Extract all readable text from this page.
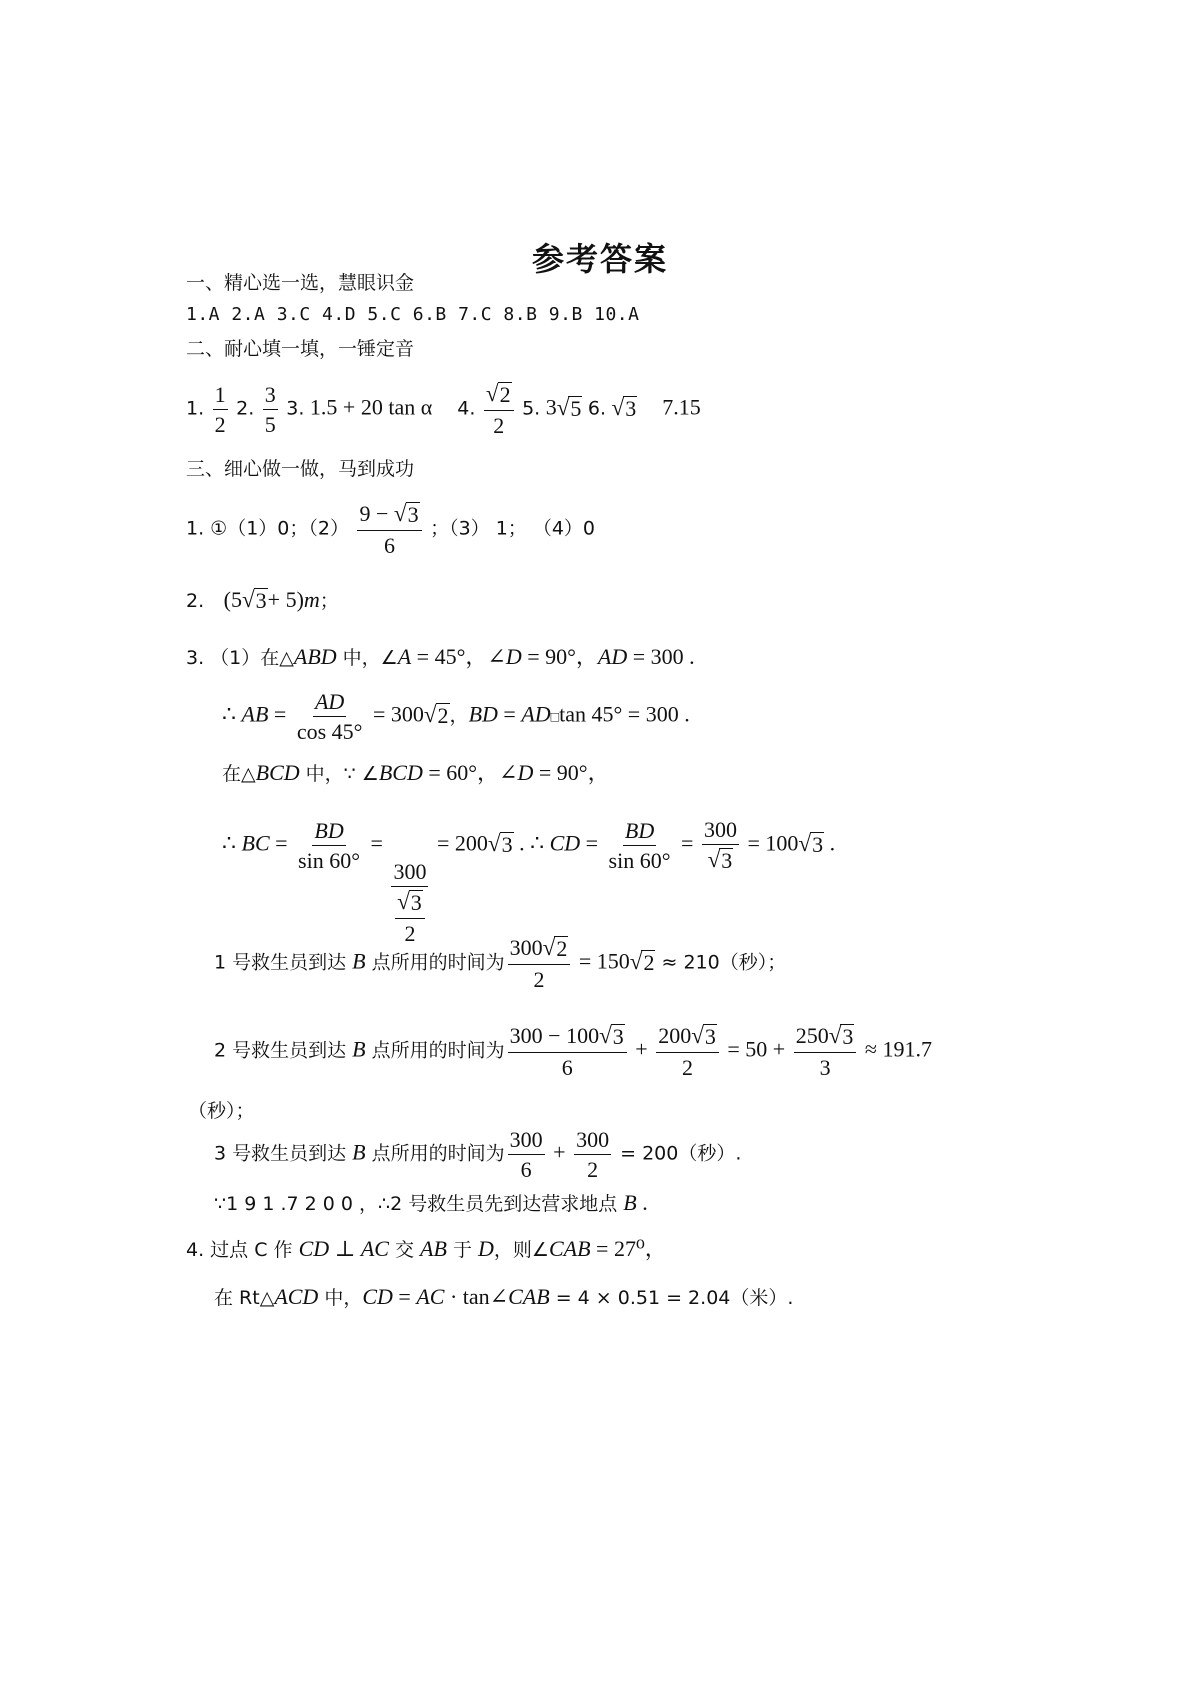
参考答案
一、精心选一选，慧眼识金
1.A 2.A 3.C 4.D 5.C 6.B 7.C 8.B 9.B 10.A
二、耐心填一填，一锤定音
1. $\frac{1}{2} 2$. $\frac{3}{5} 3$. 1.5 + 20 tan α 4. $\frac{√ 2}{2} 5$. 3 √ 5 6. √ 3 7.15
三、细心做一做，马到成功
1. ①（1）0；$(2) \frac{9 - √ 3}{6}$ ；（3） 1； （4）0
2. (5 √ 3 + 5)m；
3. （1）在△ABD 中，∠A = 45°，∠D = 90°，AD = 300 .
∴ AB = $\frac{AD}{\cos 45^\circ} = 300$ √ 2 ，BD = AD□tan 45° = 300 .
在△BCD 中，∵ ∠BCD = 60°，∠D = 90°，
∴ BC = $\frac{BD}{\sin 60^\circ}$ =
$\frac{300}{\frac{√ 3}{2}}$
= 200 √ 3 . ∴ CD = $\frac{BD}{\sin 60^\circ} = \frac{300}{√ 3} = 100$ √ 3 .
1 号救生员到达 B 点所用的时间为 $\frac{300 √ 2}{2} = 150$ √ 2 ≈ 210（秒）；
2 号救生员到达 B 点所用的时间为 $\frac{300 - 100 √ 3}{6} + \frac{200 √ 3}{2} = 50 + \frac{250 √ 3}{3} \approx 191.7$
（秒）；
3 号救生员到达 B 点所用的时间为 $\frac{300}{6} + \frac{300}{2} = 200$（秒）.
∵1 9 1 .7 2 0 0 ，∴2 号救生员先到达营求地点 B .
4. 过点 C 作 CD ⊥ AC 交 AB 于 D，则∠CAB = 27⁰，
在 Rt△ACD 中，CD = AC · tan∠CAB = 4 × 0.51 = 2.04（米）.
